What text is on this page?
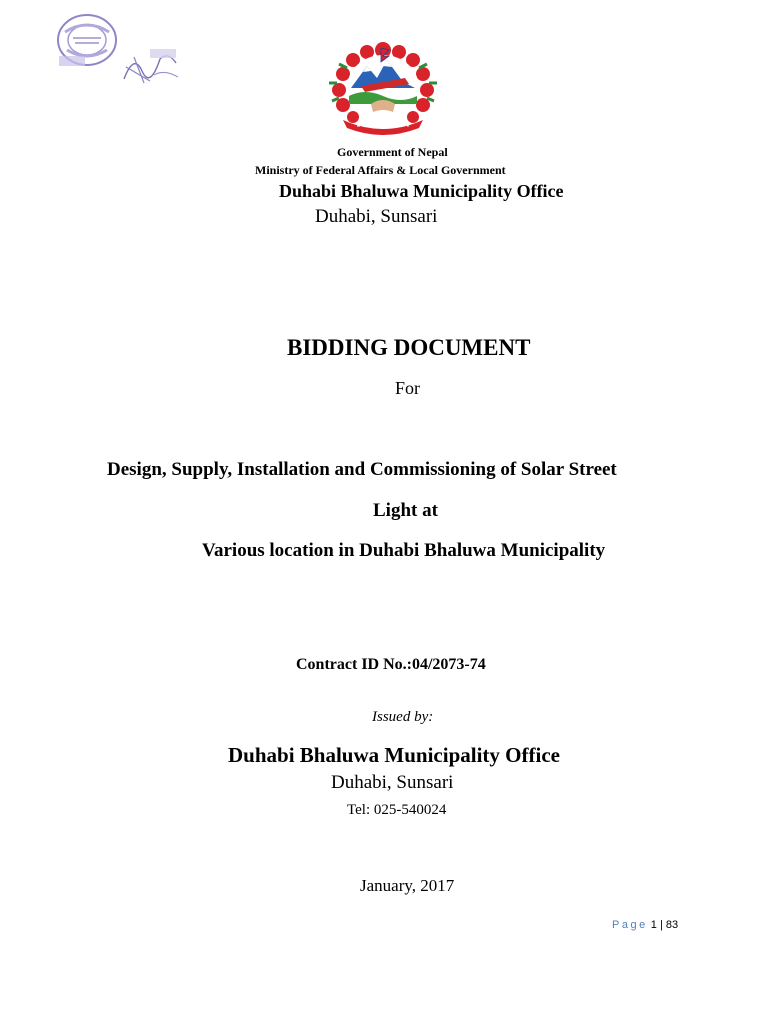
Government of Nepal
Ministry of Federal Affairs & Local Government
Duhabi Bhaluwa Municipality Office
Duhabi, Sunsari
BIDDING DOCUMENT
For
Design, Supply, Installation and Commissioning of Solar Street
Light at
Various location in Duhabi Bhaluwa Municipality
Contract ID No.:04/2073-74
Issued by:
Duhabi Bhaluwa Municipality Office
Duhabi, Sunsari
Tel: 025-540024
January, 2017
Page 1 | 83
